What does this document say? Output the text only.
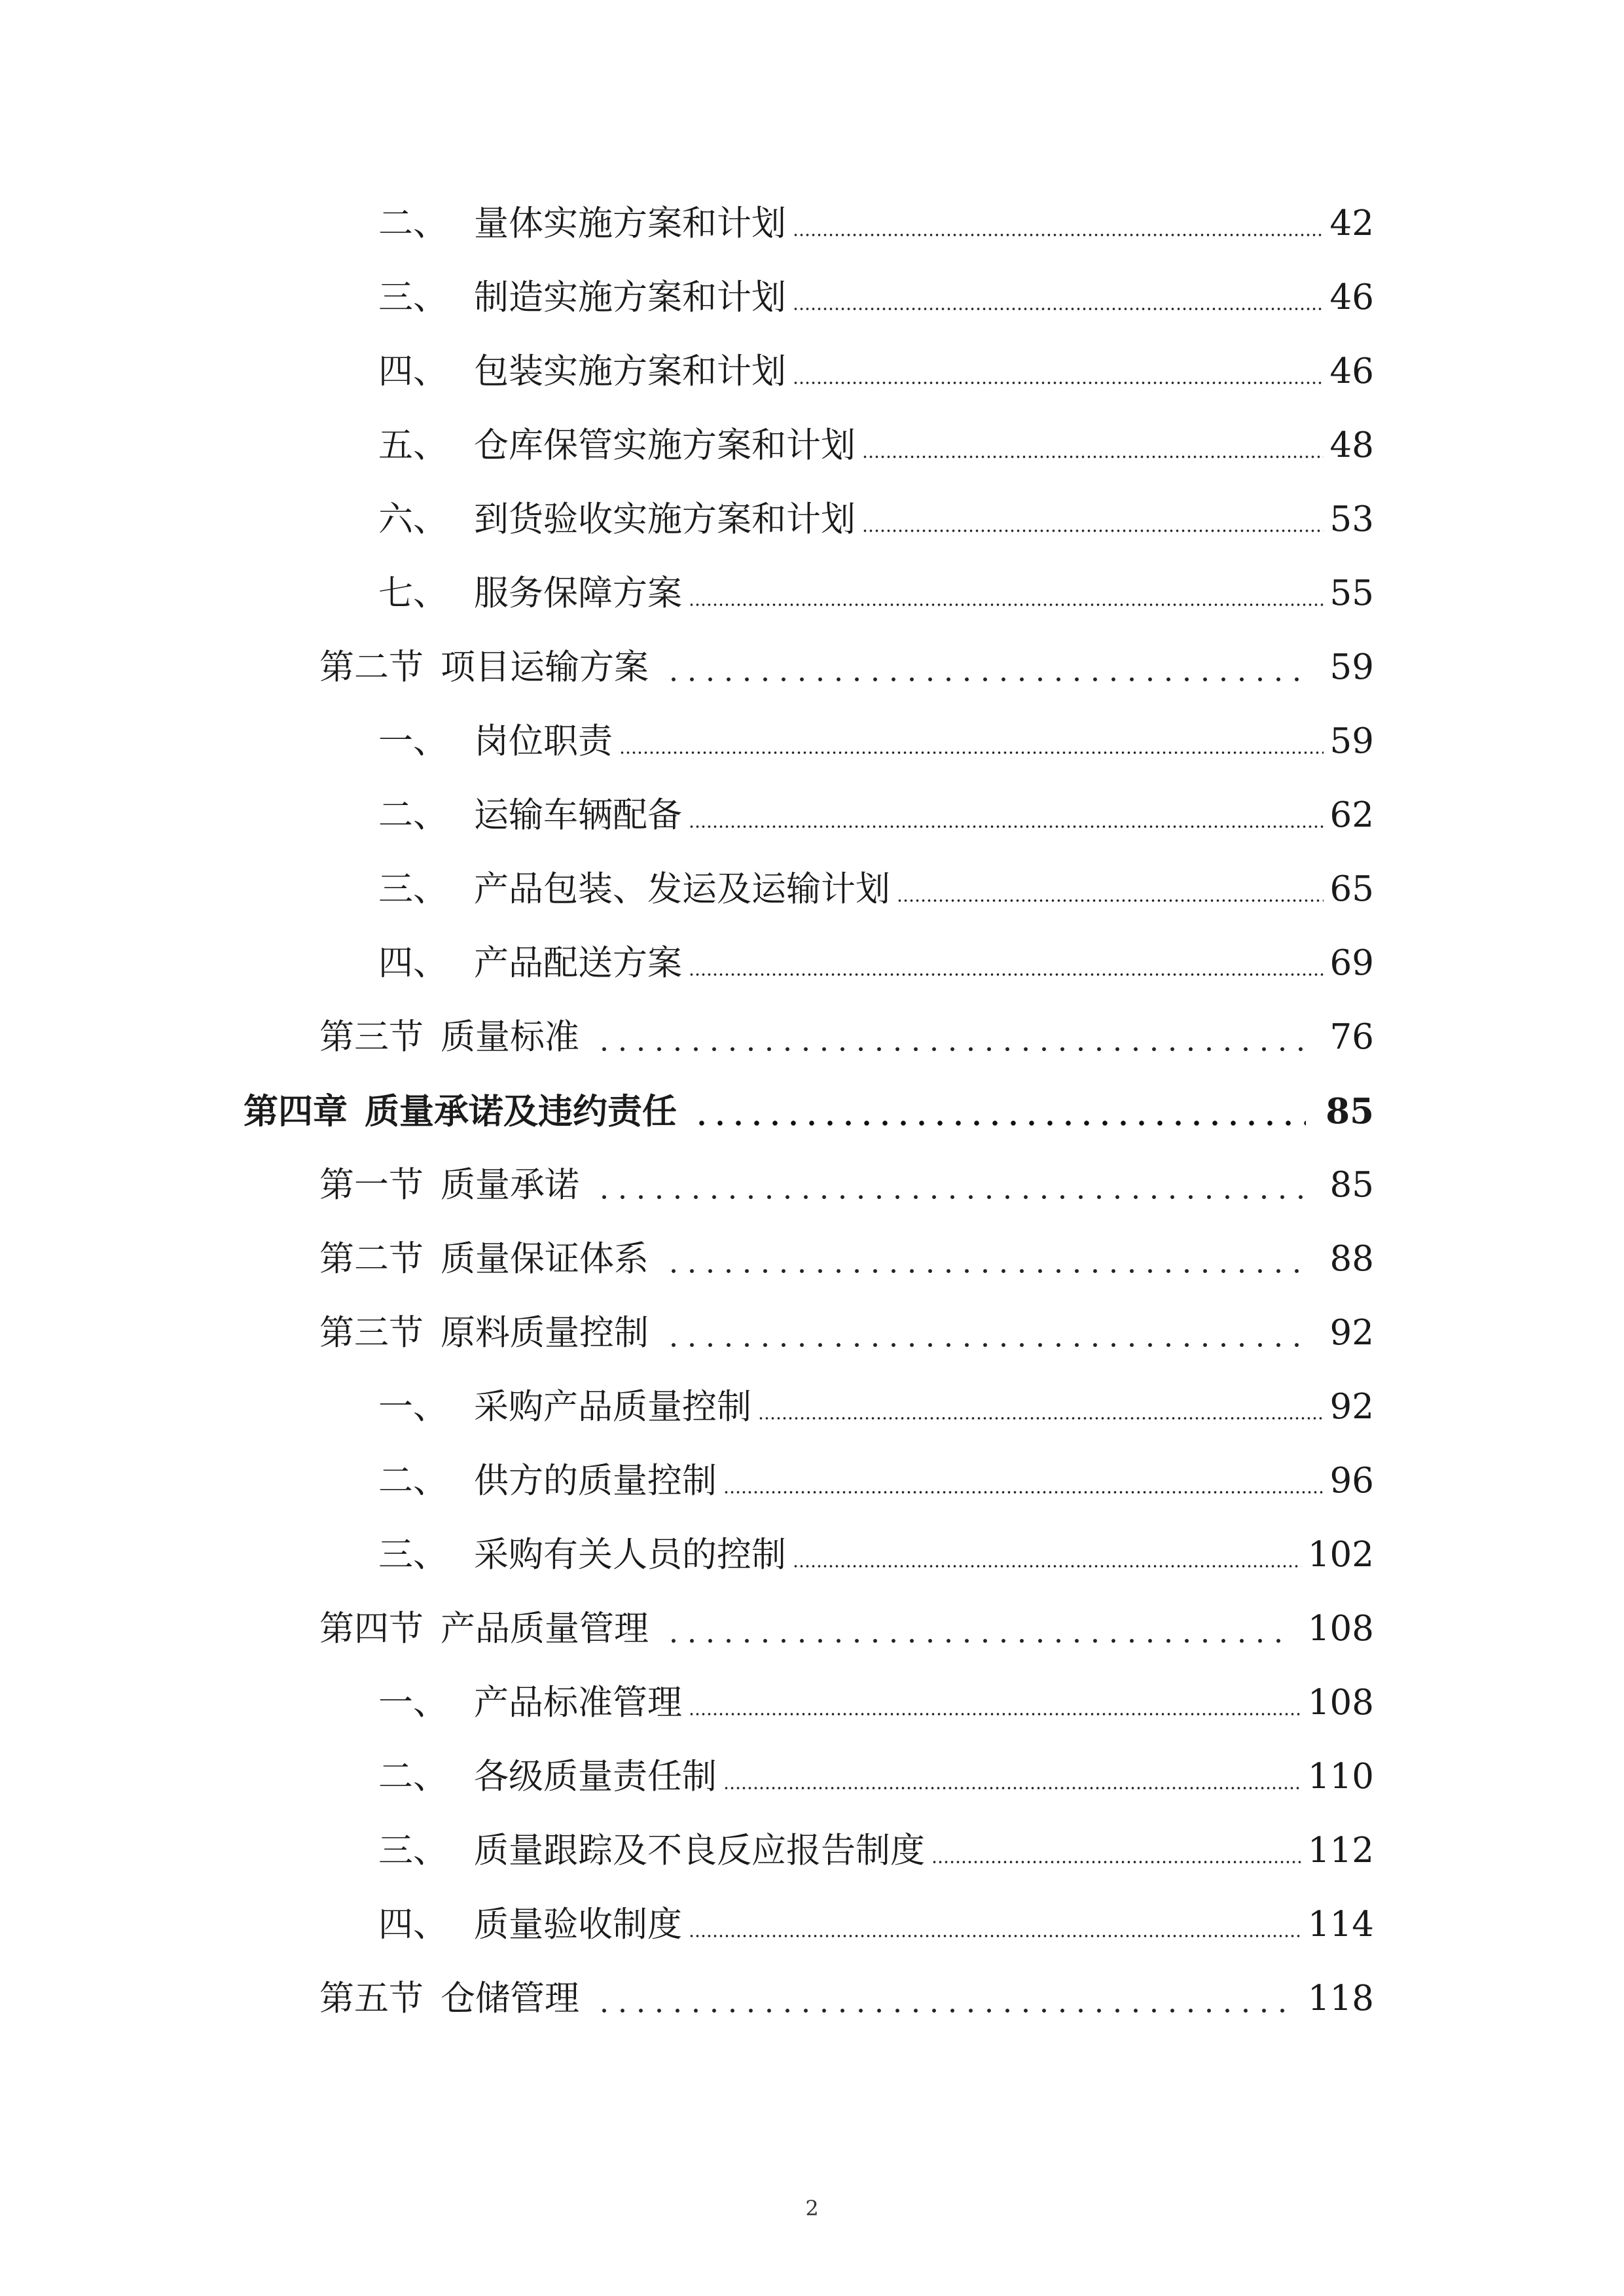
二、 量体实施方案和计划	42
三、 制造实施方案和计划	46
四、 包装实施方案和计划	46
五、 仓库保管实施方案和计划	48
六、 到货验收实施方案和计划	53
七、 服务保障方案	55
第二节 项目运输方案	59
一、 岗位职责	59
二、 运输车辆配备	62
三、 产品包装、发运及运输计划	65
四、 产品配送方案	69
第三节 质量标准	76
第四章 质量承诺及违约责任	85
第一节 质量承诺	85
第二节 质量保证体系	88
第三节 原料质量控制	92
一、 采购产品质量控制	92
二、 供方的质量控制	96
三、 采购有关人员的控制	102
第四节 产品质量管理	108
一、 产品标准管理	108
二、 各级质量责任制	110
三、 质量跟踪及不良反应报告制度	112
四、 质量验收制度	114
第五节 仓储管理	118
2
